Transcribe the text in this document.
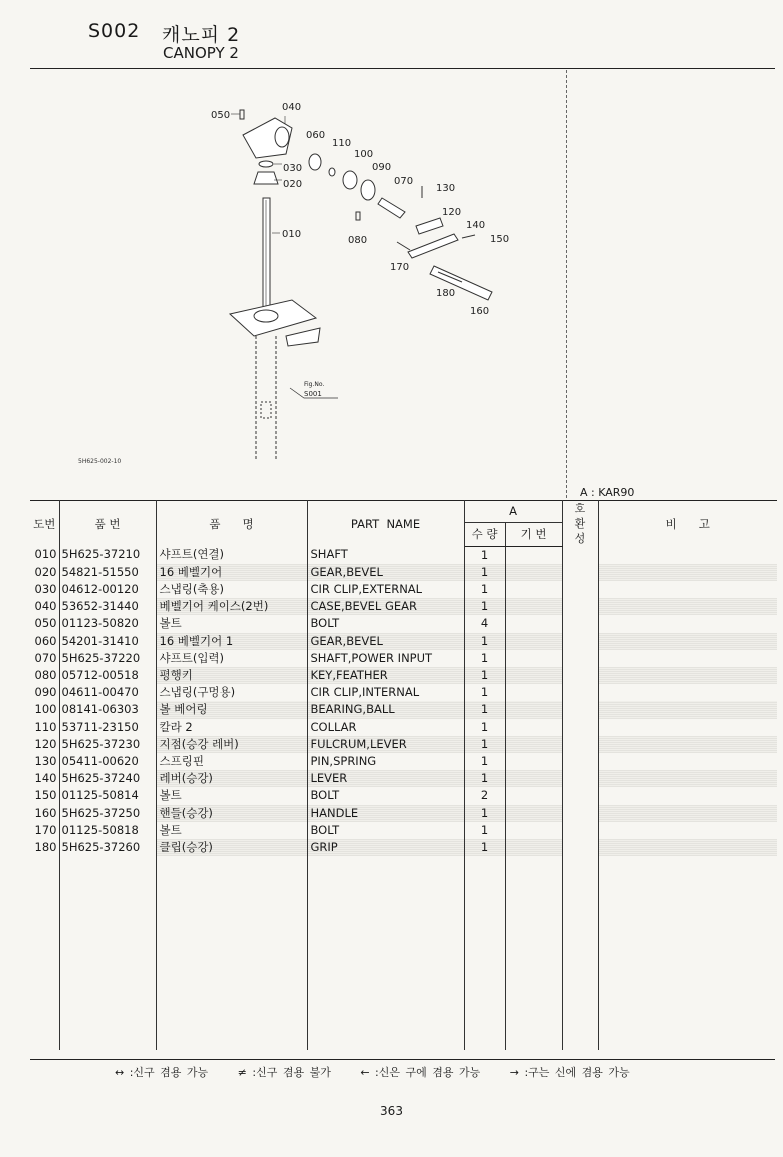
S002 캐노피 2
CANOPY 2
050
040
060
110
100
030
020
090
070
130
120
010
080
140
150
170
180
160
Fig.No.
S001
5H625-002-10
A : KAR90
도번	품 번	품      명	PART  NAME	A		호
환
성	비      고
				수 량	기 번		
010	5H625-37210	샤프트(연결)	SHAFT	1			
020	54821-51550	16 베벨기어	GEAR,BEVEL	1			
030	04612-00120	스냅링(축용)	CIR CLIP,EXTERNAL	1			
040	53652-31440	베벨기어 케이스(2번)	CASE,BEVEL GEAR	1			
050	01123-50820	볼트	BOLT	4			
060	54201-31410	16 베벨기어 1	GEAR,BEVEL	1			
070	5H625-37220	샤프트(입력)	SHAFT,POWER INPUT	1			
080	05712-00518	평행키	KEY,FEATHER	1			
090	04611-00470	스냅링(구멍용)	CIR CLIP,INTERNAL	1			
100	08141-06303	볼 베어링	BEARING,BALL	1			
110	53711-23150	칼라 2	COLLAR	1			
120	5H625-37230	지점(승강 레버)	FULCRUM,LEVER	1			
130	05411-00620	스프링핀	PIN,SPRING	1			
140	5H625-37240	레버(승강)	LEVER	1			
150	01125-50814	볼트	BOLT	2			
160	5H625-37250	핸들(승강)	HANDLE	1			
170	01125-50818	볼트	BOLT	1			
180	5H625-37260	클립(승강)	GRIP	1			

↔ :신구 겸용 가능	≠ :신구 겸용 불가	← :신은 구에 겸용 가능	→ :구는 신에 겸용 가능
363
